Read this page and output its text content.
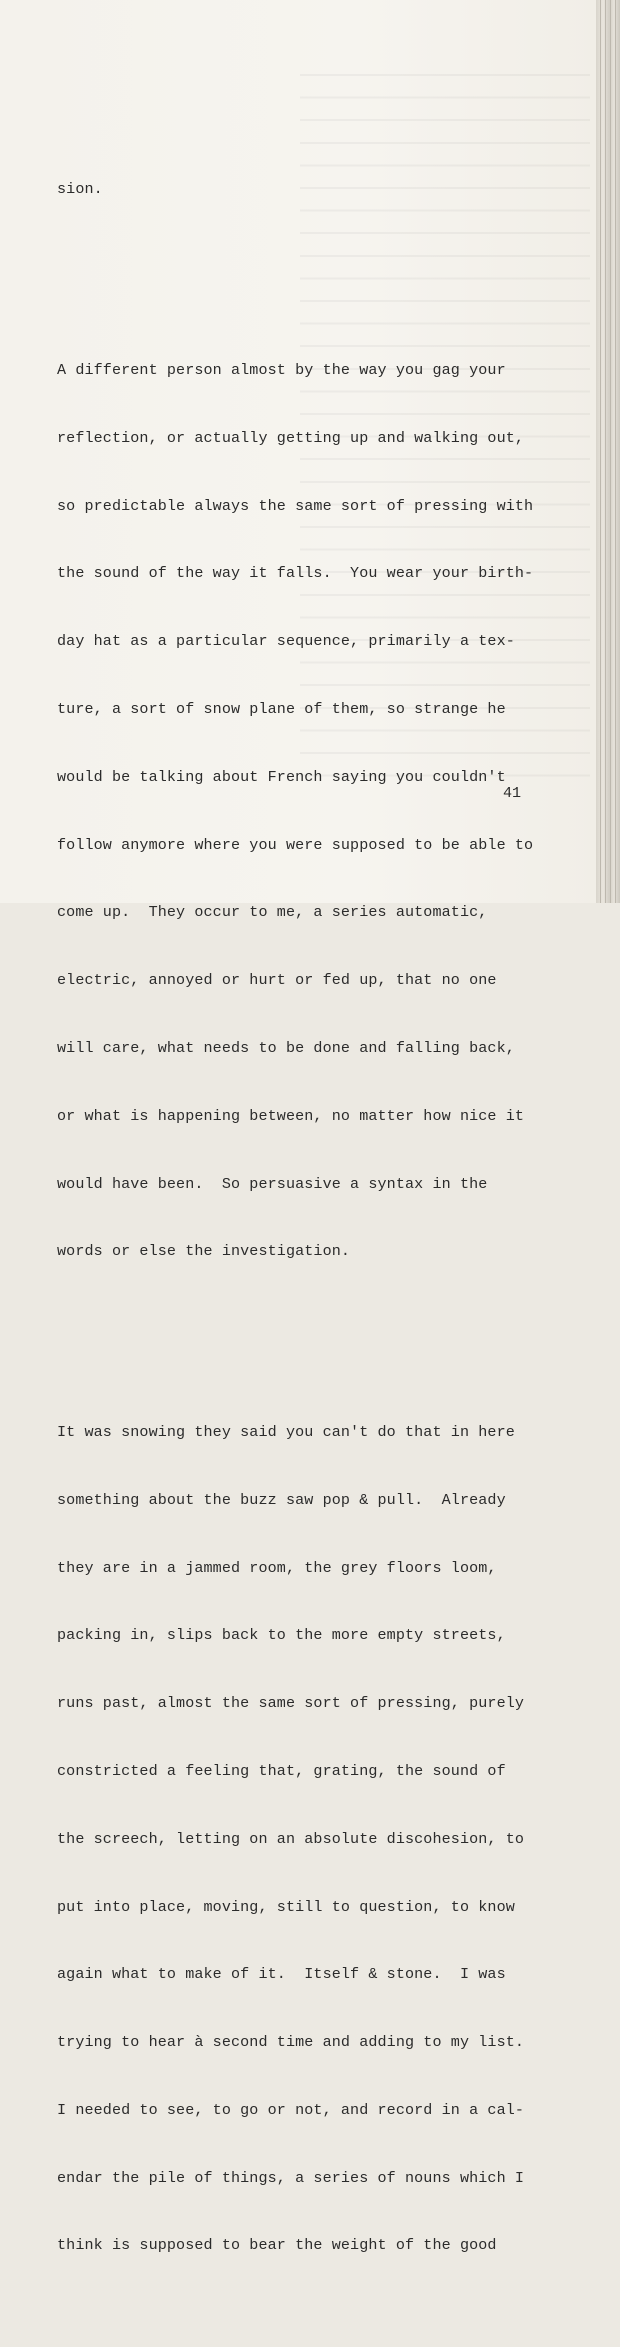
sion.

A different person almost by the way you gag your

reflection, or actually getting up and walking out,

so predictable always the same sort of pressing with

the sound of the way it falls.  You wear your birth-

day hat as a particular sequence, primarily a tex-

ture, a sort of snow plane of them, so strange he

would be talking about French saying you couldn't

follow anymore where you were supposed to be able to

come up.  They occur to me, a series automatic,

electric, annoyed or hurt or fed up, that no one

will care, what needs to be done and falling back,

or what is happening between, no matter how nice it

would have been.  So persuasive a syntax in the

words or else the investigation.

It was snowing they said you can't do that in here

something about the buzz saw pop & pull.  Already

they are in a jammed room, the grey floors loom,

packing in, slips back to the more empty streets,

runs past, almost the same sort of pressing, purely

constricted a feeling that, grating, the sound of

the screech, letting on an absolute discohesion, to

put into place, moving, still to question, to know

again what to make of it.  Itself & stone.  I was

trying to hear à second time and adding to my list.

I needed to see, to go or not, and record in a cal-

endar the pile of things, a series of nouns which I

think is supposed to bear the weight of the good

41
